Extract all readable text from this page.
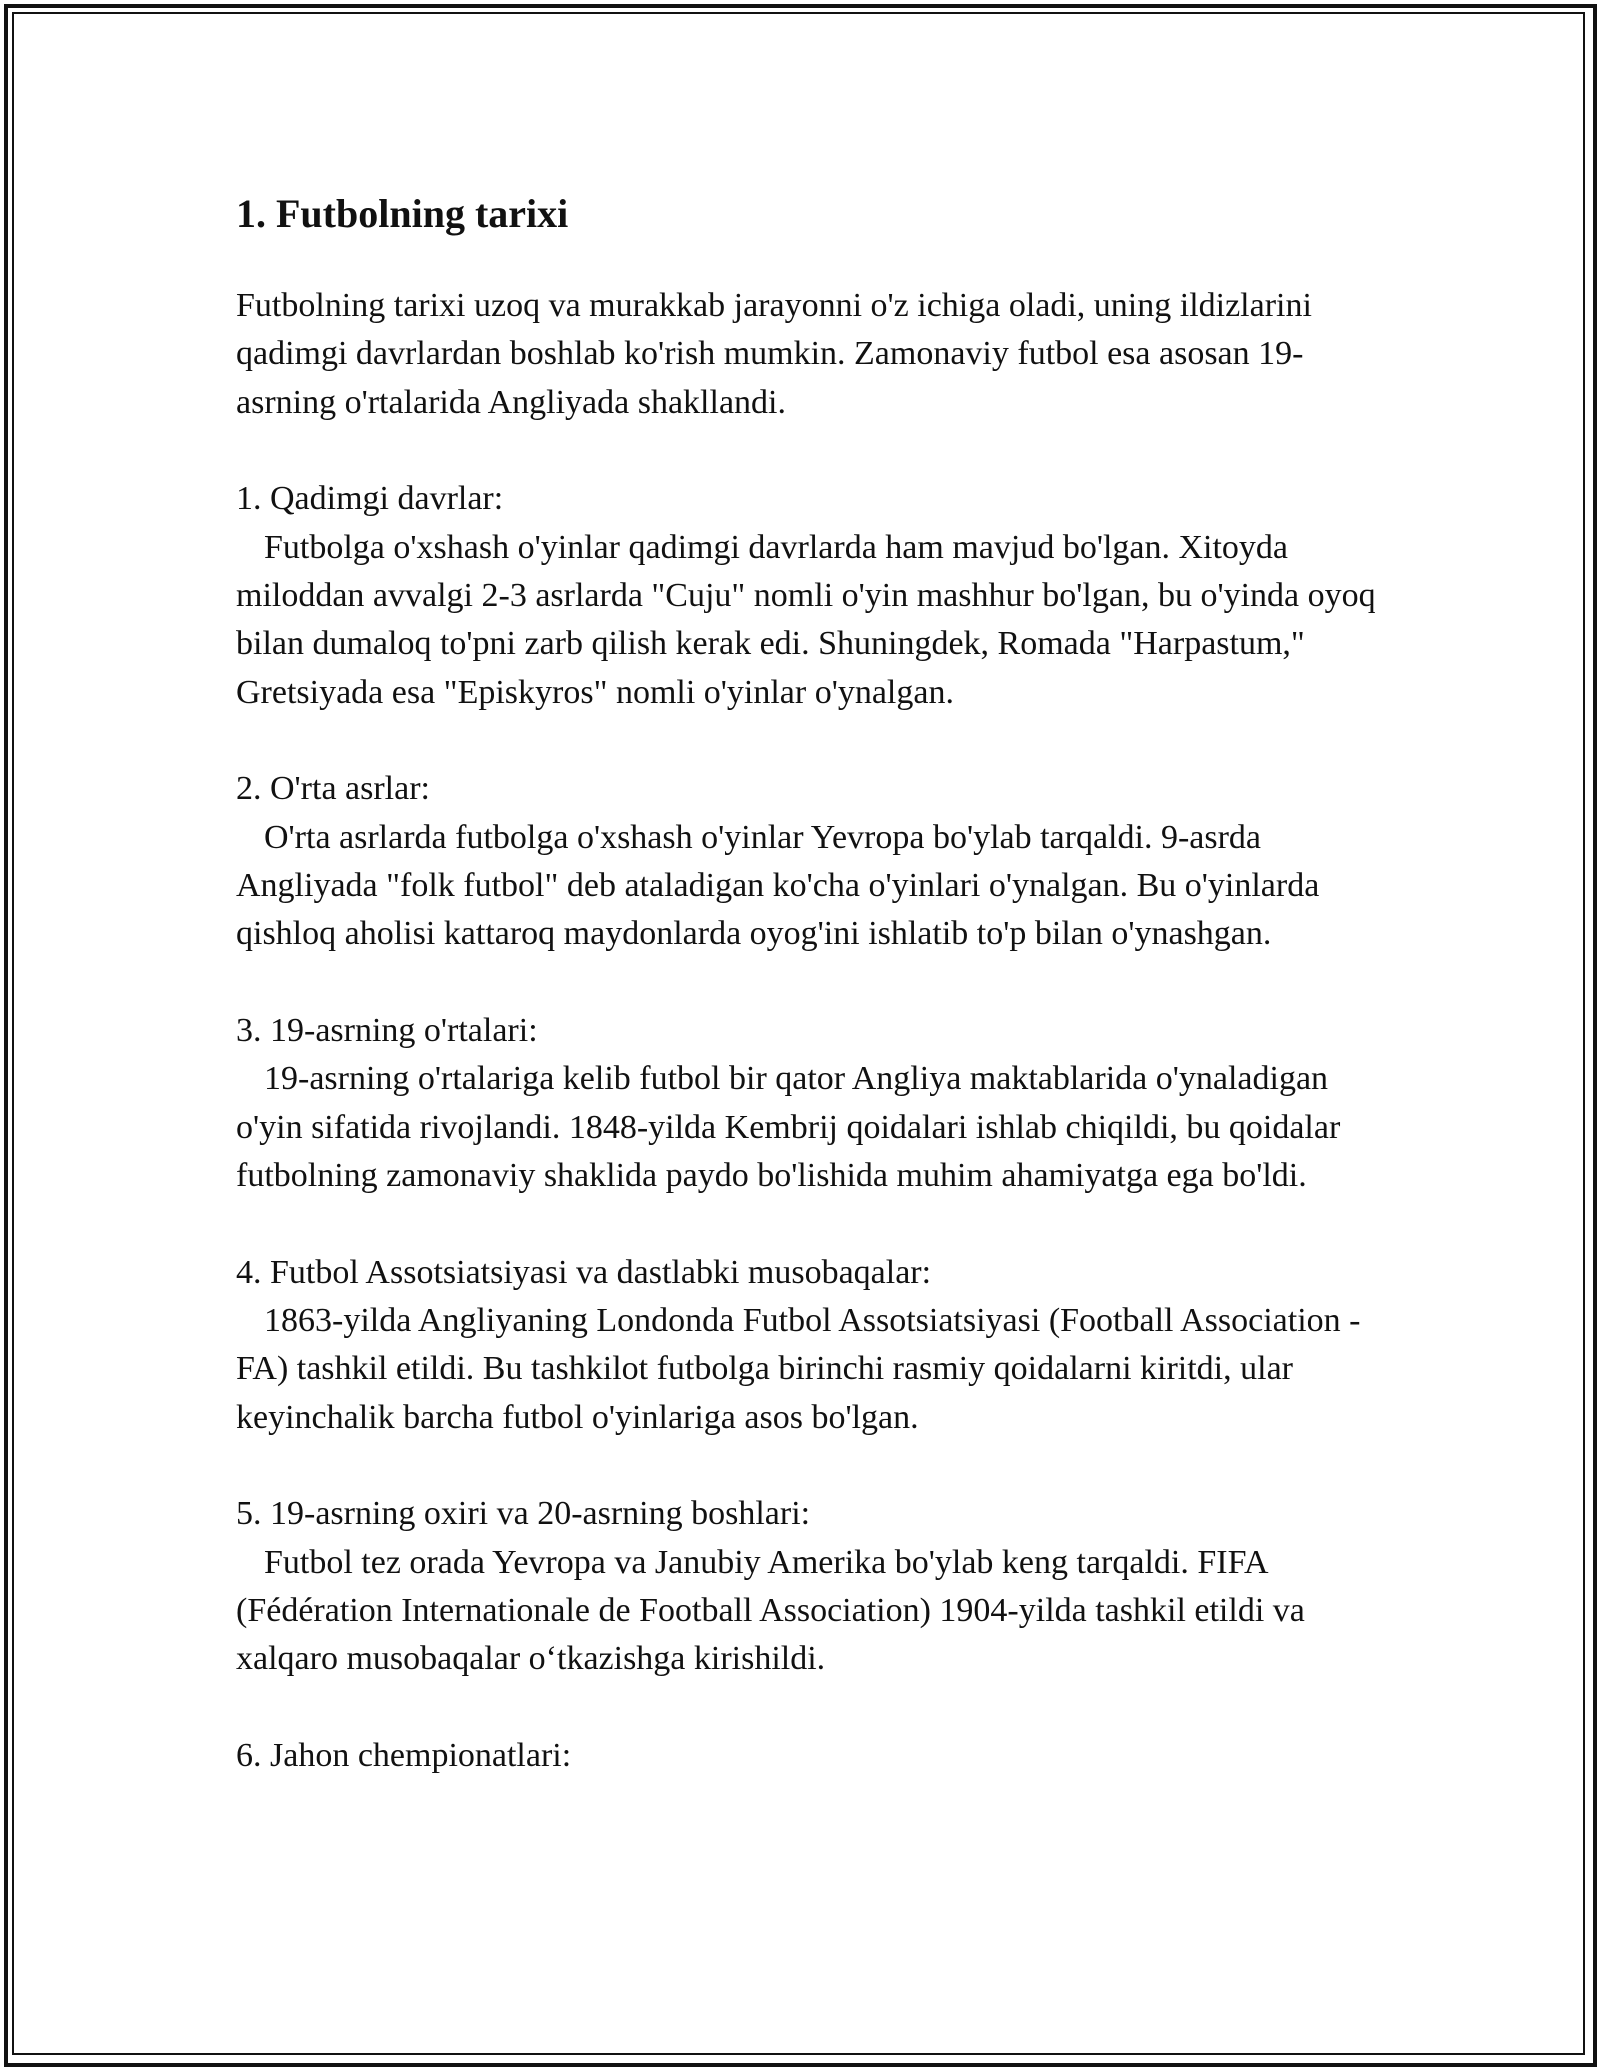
1. Futbolning tarixi

Futbolning tarixi uzoq va murakkab jarayonni o'z ichiga oladi, uning ildizlarini qadimgi davrlardan boshlab ko'rish mumkin. Zamonaviy futbol esa asosan 19-asrning o'rtalarida Angliyada shakllandi.

1. Qadimgi davrlar:
Futbolga o'xshash o'yinlar qadimgi davrlarda ham mavjud bo'lgan. Xitoyda miloddan avvalgi 2-3 asrlarda "Cuju" nomli o'yin mashhur bo'lgan, bu o'yinda oyoq bilan dumaloq to'pni zarb qilish kerak edi. Shuningdek, Romada "Harpastum," Gretsiyada esa "Episkyros" nomli o'yinlar o'ynalgan.
2. O'rta asrlar:
O'rta asrlarda futbolga o'xshash o'yinlar Yevropa bo'ylab tarqaldi. 9-asrda Angliyada "folk futbol" deb ataladigan ko'cha o'yinlari o'ynalgan. Bu o'yinlarda qishloq aholisi kattaroq maydonlarda oyog'ini ishlatib to'p bilan o'ynashgan.
3. 19-asrning o'rtalari:
19-asrning o'rtalariga kelib futbol bir qator Angliya maktablarida o'ynaladigan o'yin sifatida rivojlandi. 1848-yilda Kembrij qoidalari ishlab chiqildi, bu qoidalar futbolning zamonaviy shaklida paydo bo'lishida muhim ahamiyatga ega bo'ldi.
4. Futbol Assotsiatsiyasi va dastlabki musobaqalar:
1863-yilda Angliyaning Londonda Futbol Assotsiatsiyasi (Football Association - FA) tashkil etildi. Bu tashkilot futbolga birinchi rasmiy qoidalarni kiritdi, ular keyinchalik barcha futbol o'yinlariga asos bo'lgan.
5. 19-asrning oxiri va 20-asrning boshlari:
Futbol tez orada Yevropa va Janubiy Amerika bo'ylab keng tarqaldi. FIFA (Fédération Internationale de Football Association) 1904-yilda tashkil etildi va xalqaro musobaqalar o‘tkazishga kirishildi.
6. Jahon chempionatlari:
